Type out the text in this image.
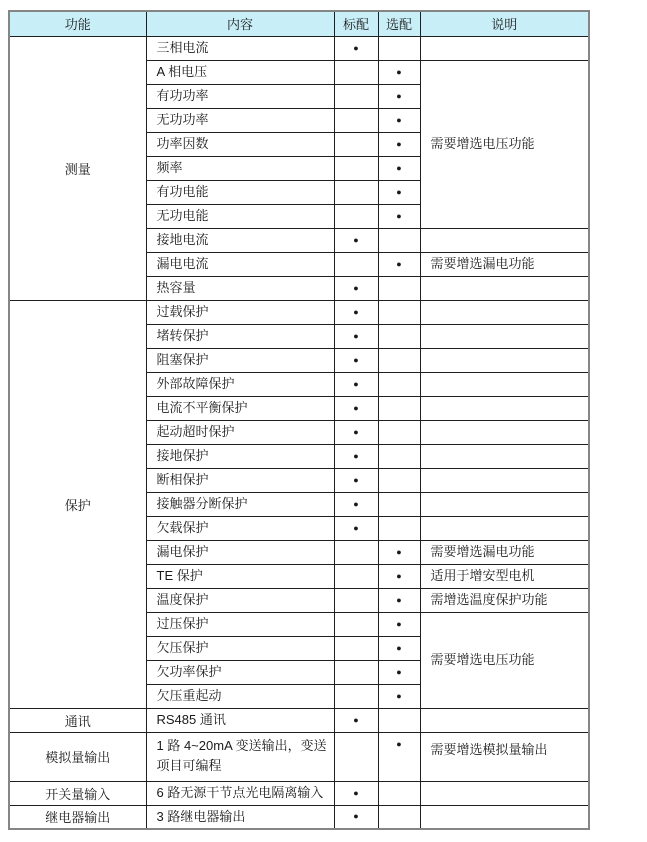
功能	内容	标配	选配	说明
测量	三相电流	●		
	A 相电压		●	需要增选电压功能
	有功功率		●	
	无功功率		●	
	功率因数		●	
	频率		●	
	有功电能		●	
	无功电能		●	
	接地电流	●		
	漏电电流		●	需要增选漏电功能
	热容量	●		
保护	过载保护	●		
	堵转保护	●		
	阻塞保护	●		
	外部故障保护	●		
	电流不平衡保护	●		
	起动超时保护	●		
	接地保护	●		
	断相保护	●		
	接触器分断保护	●		
	欠载保护	●		
	漏电保护		●	需要增选漏电功能
	TE 保护		●	适用于增安型电机
	温度保护		●	需增选温度保护功能
	过压保护		●	需要增选电压功能
	欠压保护		●	
	欠功率保护		●	
	欠压重起动		●	
通讯	RS485 通讯	●		
模拟量输出	1 路 4~20mA 变送输出，变送项目可编程		●	需要增选模拟量输出
开关量输入	6 路无源干节点光电隔离输入	●		
继电器输出	3 路继电器输出	●		
